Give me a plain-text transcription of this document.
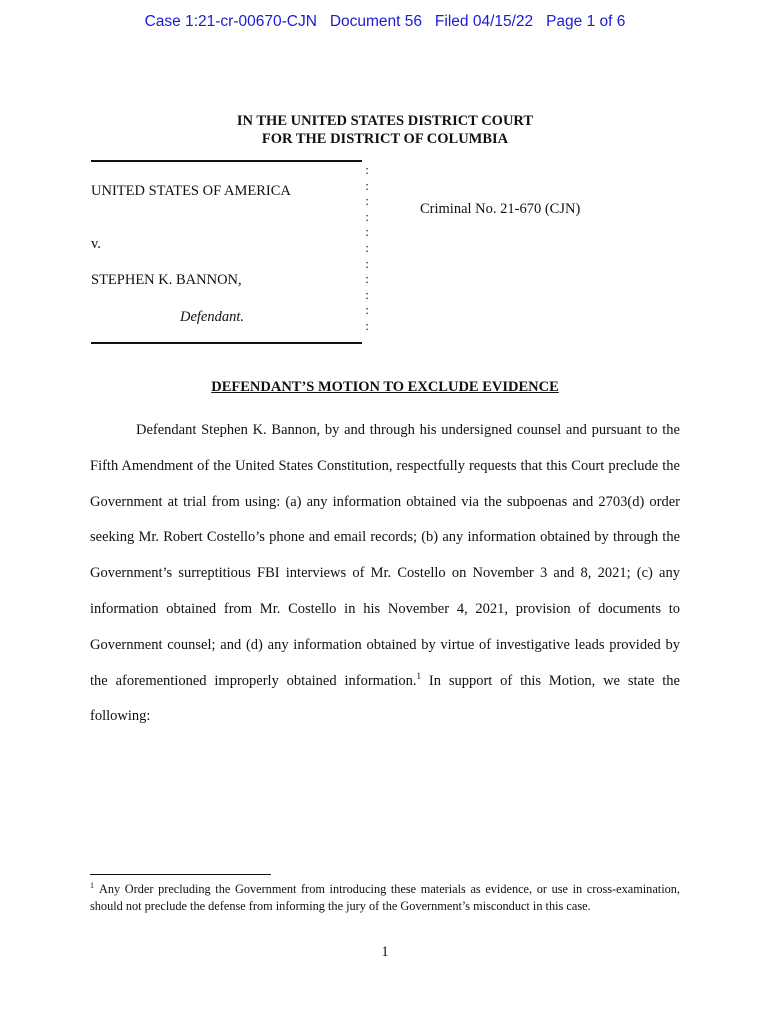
Case 1:21-cr-00670-CJN   Document 56   Filed 04/15/22   Page 1 of 6
IN THE UNITED STATES DISTRICT COURT
FOR THE DISTRICT OF COLUMBIA
:
:
:
:
:
:
:
:
:
:
:
UNITED STATES OF AMERICA
Criminal No. 21-670 (CJN)
v.
STEPHEN K. BANNON,
Defendant.
DEFENDANT’S MOTION TO EXCLUDE EVIDENCE

Defendant Stephen K. Bannon, by and through his undersigned counsel and pursuant to the Fifth Amendment of the United States Constitution, respectfully requests that this Court preclude the Government at trial from using: (a) any information obtained via the subpoenas and 2703(d) order seeking Mr. Robert Costello’s phone and email records; (b) any information obtained by through the Government’s surreptitious FBI interviews of Mr. Costello on November 3 and 8, 2021; (c) any information obtained from Mr. Costello in his November 4, 2021, provision of documents to Government counsel; and (d) any information obtained by virtue of investigative leads provided by the aforementioned improperly obtained information.$^1$ In support of this Motion, we state the following:

$^1$ Any Order precluding the Government from introducing these materials as evidence, or use in cross-examination, should not preclude the defense from informing the jury of the Government’s misconduct in this case.

1
